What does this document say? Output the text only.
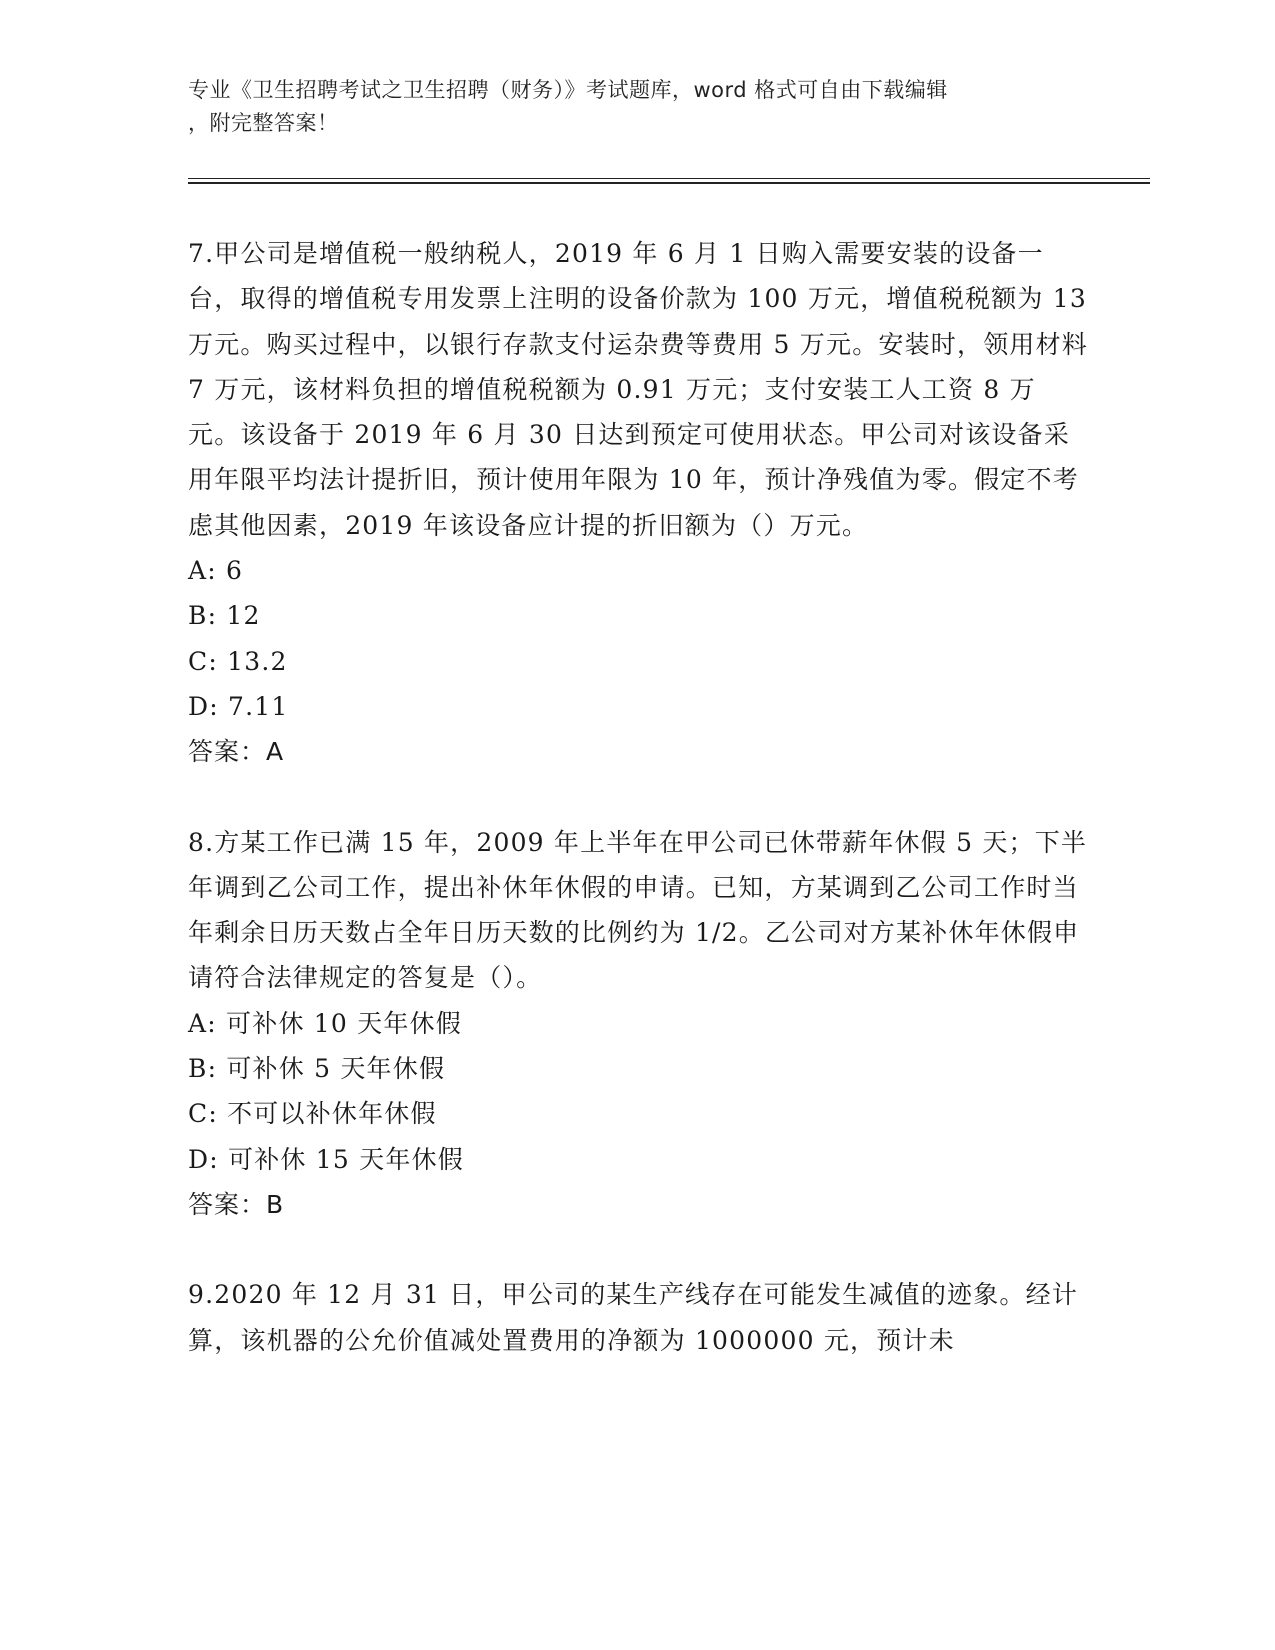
专业《卫生招聘考试之卫生招聘（财务）》考试题库，word 格式可自由下载编辑

，附完整答案！

7.甲公司是增值税一般纳税人，2019 年 6 月 1 日购入需要安装的设备一台，取得的增值税专用发票上注明的设备价款为 100 万元，增值税税额为 13 万元。购买过程中，以银行存款支付运杂费等费用 5 万元。安装时，领用材料 7 万元，该材料负担的增值税税额为 0.91 万元；支付安装工人工资 8 万元。该设备于 2019 年 6 月 30 日达到预定可使用状态。甲公司对该设备采用年限平均法计提折旧，预计使用年限为 10 年，预计净残值为零。假定不考虑其他因素，2019 年该设备应计提的折旧额为（）万元。

A: 6

B: 12

C: 13.2

D: 7.11

答案：A

8.方某工作已满 15 年，2009 年上半年在甲公司已休带薪年休假 5 天；下半年调到乙公司工作，提出补休年休假的申请。已知，方某调到乙公司工作时当年剩余日历天数占全年日历天数的比例约为 1/2。乙公司对方某补休年休假申请符合法律规定的答复是（）。

A: 可补休 10 天年休假

B: 可补休 5 天年休假

C: 不可以补休年休假

D: 可补休 15 天年休假

答案：B

9.2020 年 12 月 31 日，甲公司的某生产线存在可能发生减值的迹象。经计算，该机器的公允价值减处置费用的净额为 1000000 元，预计未
